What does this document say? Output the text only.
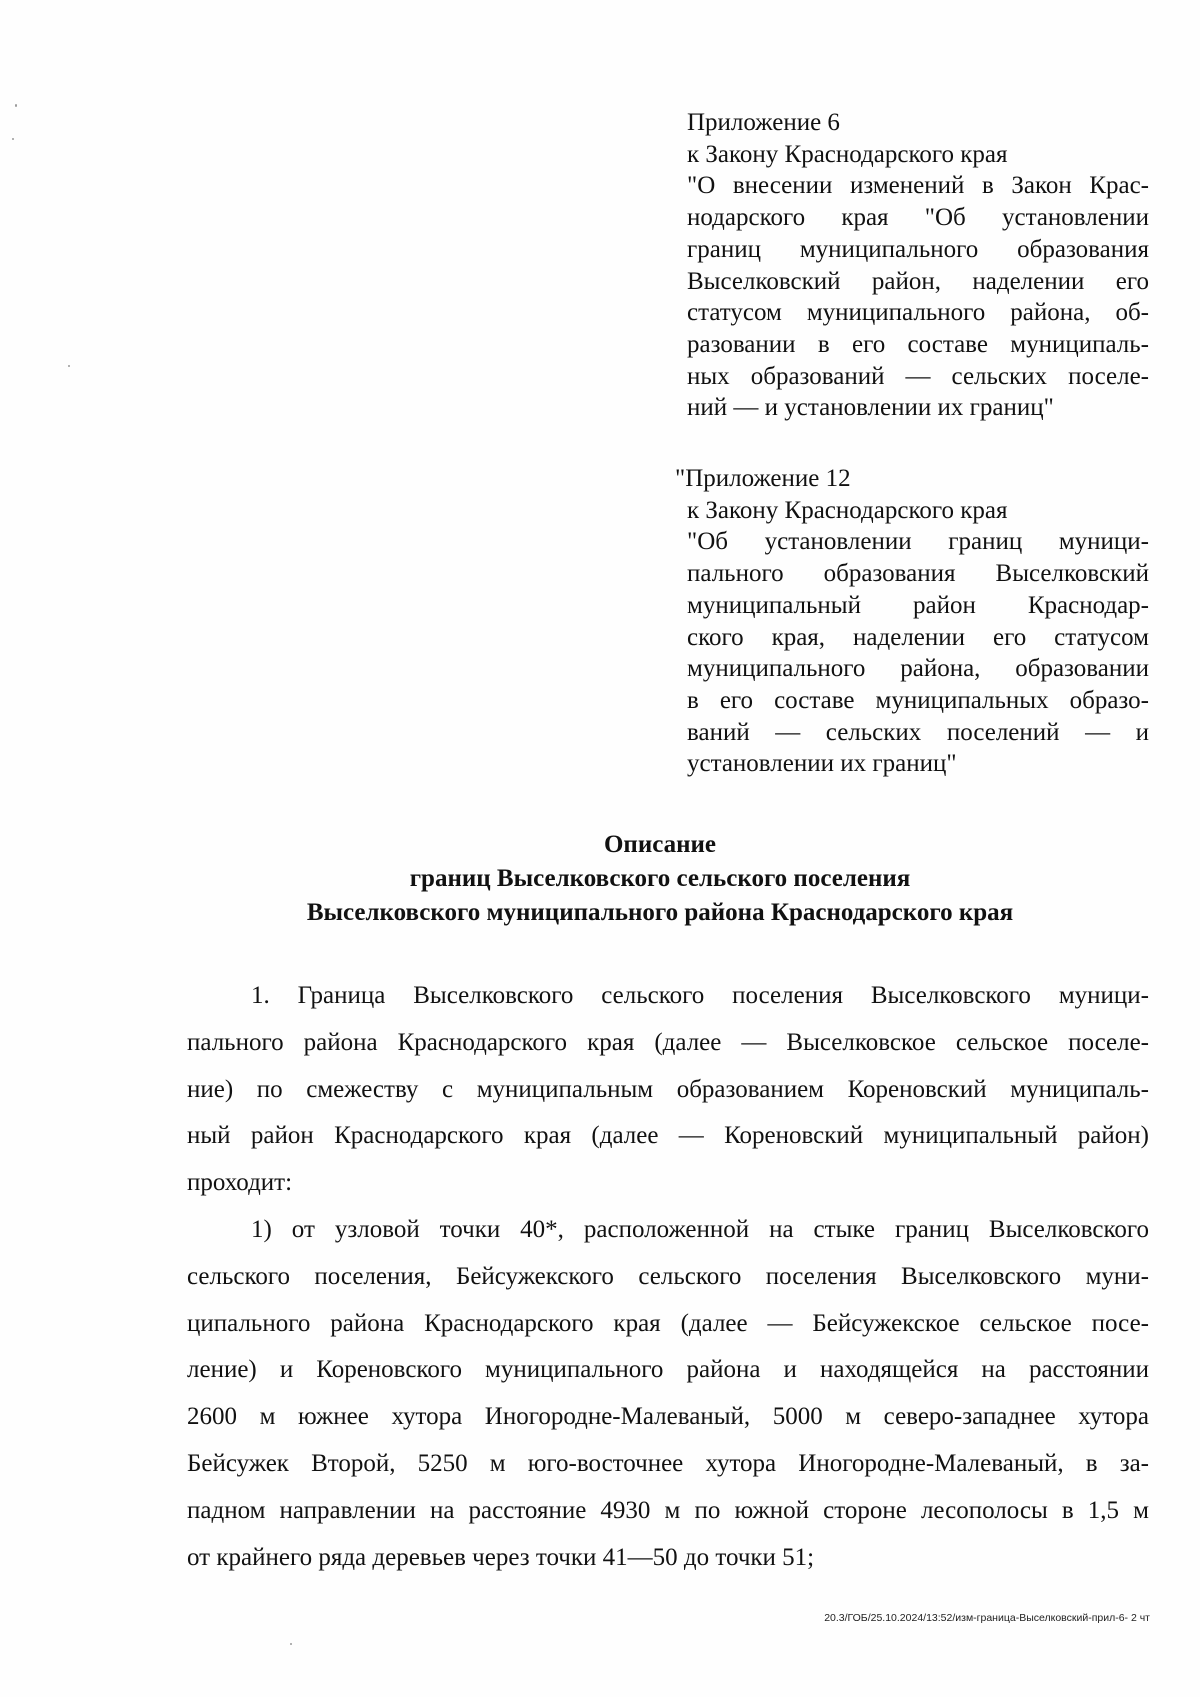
Приложение 6
к Закону Краснодарского края
"О внесении изменений в Закон Крас-
нодарского края "Об установлении
границ муниципального образования
Выселковский район, наделении его
статусом муниципального района, об-
разовании в его составе муниципаль-
ных образований — сельских поселе-
ний — и установлении их границ"
"Приложение 12
к Закону Краснодарского края
"Об установлении границ муници-
пального образования Выселковский
муниципальный район Краснодар-
ского края, наделении его статусом
муниципального района, образовании
в его составе муниципальных образо-
ваний — сельских поселений — и
установлении их границ"
Описание
границ Выселковского сельского поселения
Выселковского муниципального района Краснодарского края
1. Граница Выселковского сельского поселения Выселковского муници-
пального района Краснодарского края (далее — Выселковское сельское поселе-
ние) по смежеству с муниципальным образованием Кореновский муниципаль-
ный район Краснодарского края (далее — Кореновский муниципальный район)
проходит:
1) от узловой точки 40*, расположенной на стыке границ Выселковского
сельского поселения, Бейсужекского сельского поселения Выселковского муни-
ципального района Краснодарского края (далее — Бейсужекское сельское посе-
ление) и Кореновского муниципального района и находящейся на расстоянии
2600 м южнее хутора Иногородне-Малеваный, 5000 м северо-западнее хутора
Бейсужек Второй, 5250 м юго-восточнее хутора Иногородне-Малеваный, в за-
падном направлении на расстояние 4930 м по южной стороне лесополосы в 1,5 м
от крайнего ряда деревьев через точки 41—50 до точки 51;
20.3/ГОБ/25.10.2024/13:52/изм-граница-Выселковский-прил-6- 2 чт
